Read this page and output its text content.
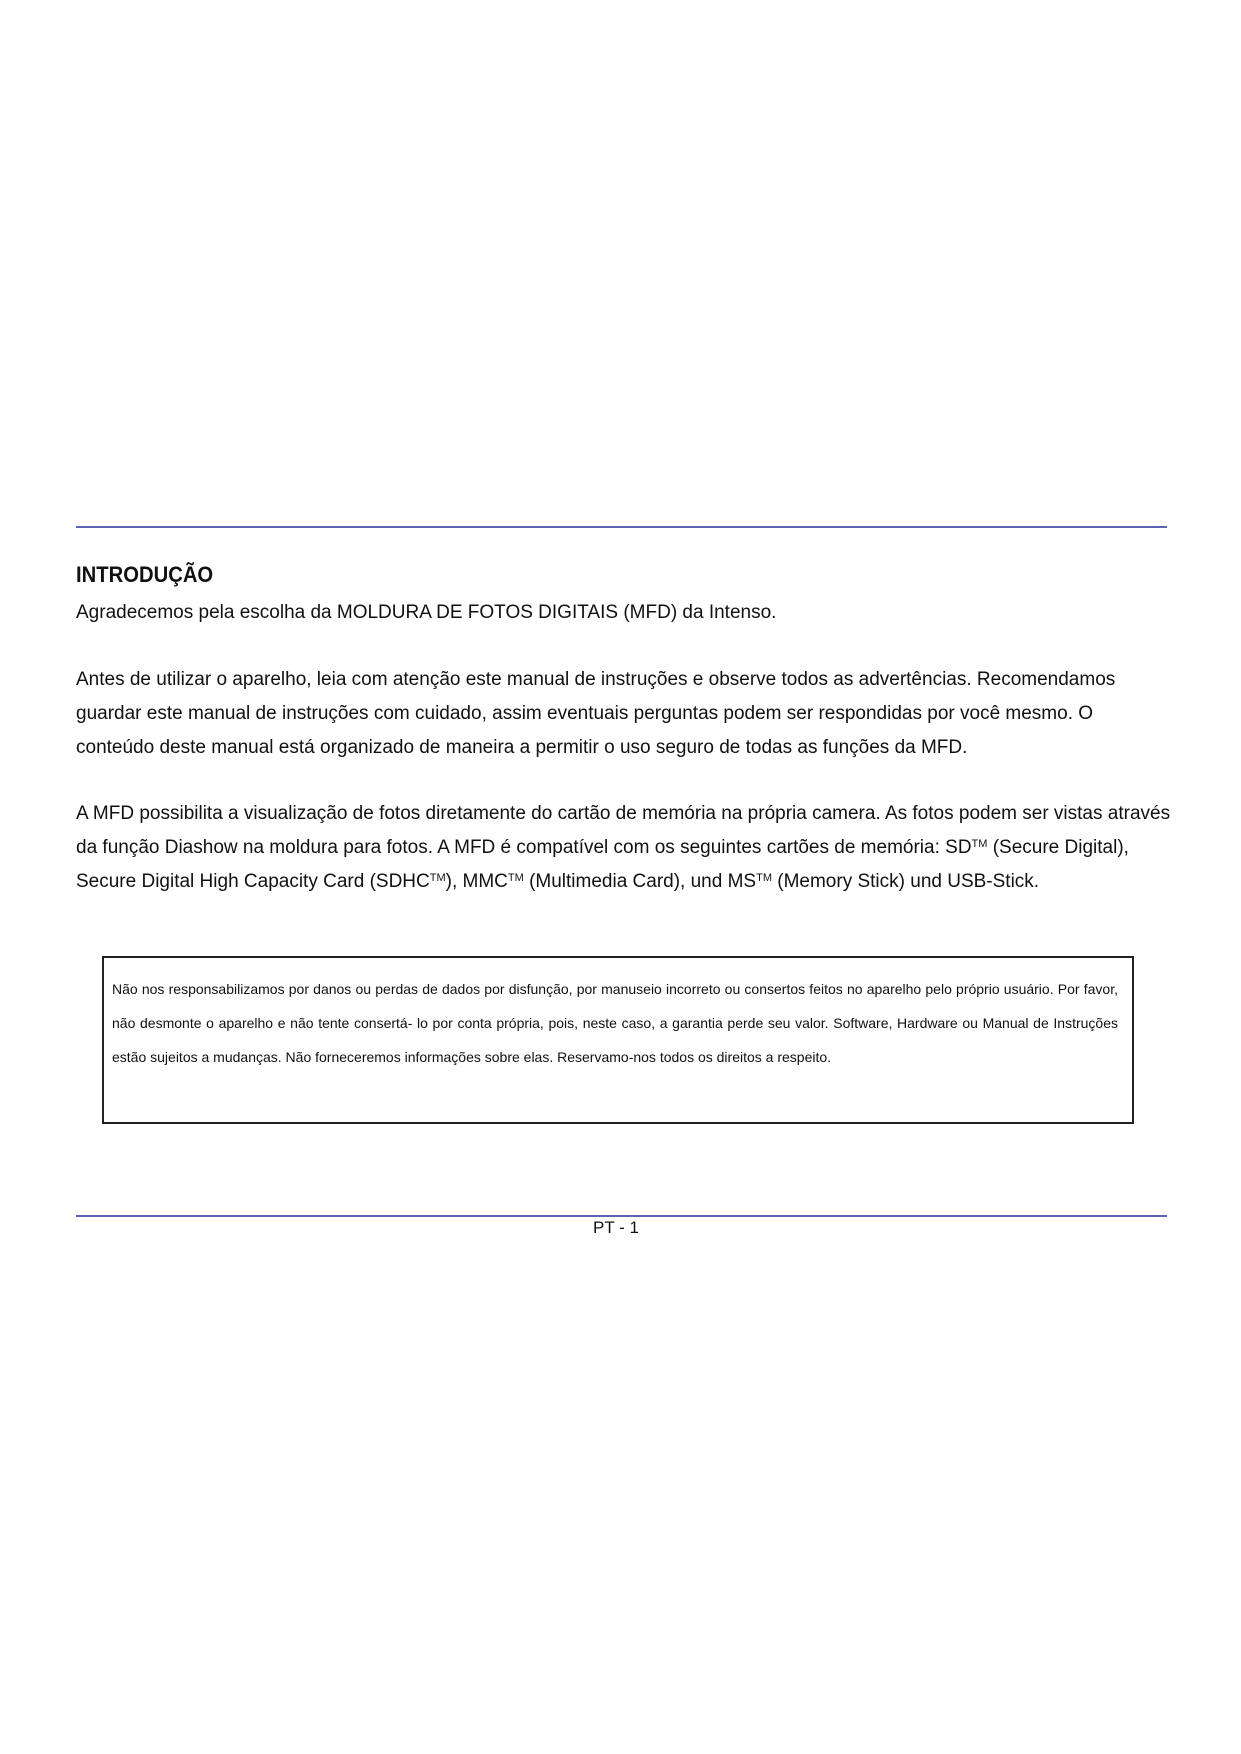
INTRODUÇÃO

Agradecemos pela escolha da MOLDURA DE FOTOS DIGITAIS (MFD) da Intenso.

Antes de utilizar o aparelho, leia com atenção este manual de instruções e observe todos as advertências. Recomendamos guardar este manual de instruções com cuidado, assim eventuais perguntas podem ser respondidas por você mesmo. O conteúdo deste manual está organizado de maneira a permitir o uso seguro de todas as funções da MFD.

A MFD possibilita a visualização de fotos diretamente do cartão de memória na própria camera. As fotos podem ser vistas através da função Diashow na moldura para fotos. A MFD é compatível com os seguintes cartões de memória: SD™ (Secure Digital), Secure Digital High Capacity Card (SDHC™), MMC™ (Multimedia Card), und MS™ (Memory Stick) und USB-Stick.

Não nos responsabilizamos por danos ou perdas de dados por disfunção, por manuseio incorreto ou consertos feitos no aparelho pelo próprio usuário. Por favor, não desmonte o aparelho e não tente consertá- lo por conta própria, pois, neste caso, a garantia perde seu valor. Software, Hardware ou Manual de Instruções estão sujeitos a mudanças. Não forneceremos informações sobre elas. Reservamo-nos todos os direitos a respeito.

PT - 1
